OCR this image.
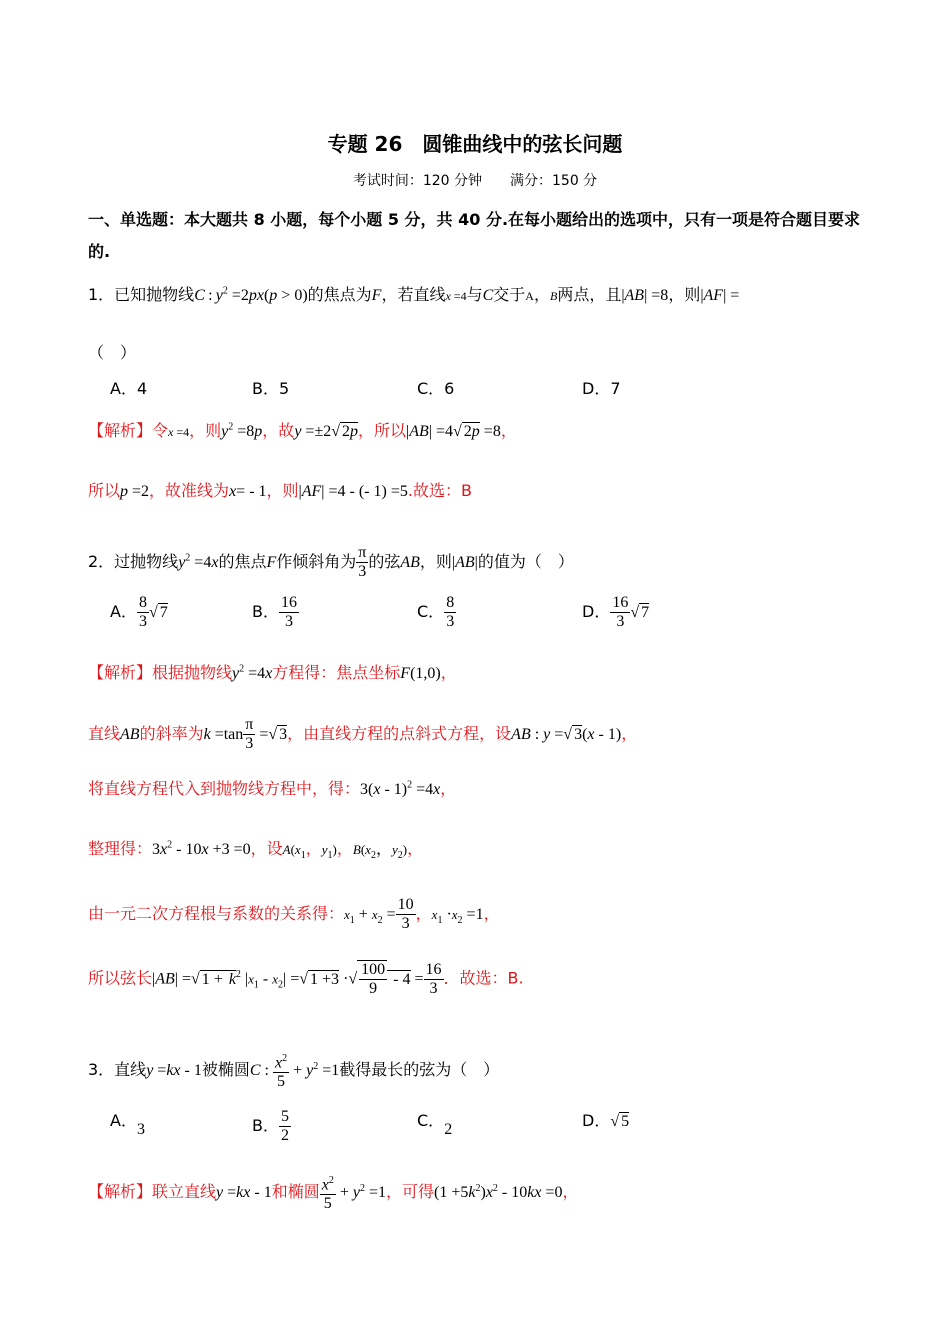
专题 26　圆锥曲线中的弦长问题
考试时间：120 分钟　　满分：150 分
一、单选题：本大题共 8 小题，每个小题 5 分，共 40 分.在每小题给出的选项中，只有一项是符合题目要求的.
1．已知抛物线C : $y^2 =2px(p > 0)$的焦点为F，若直线x =4与C交于A，B两点，且|AB| =8，则|AF| =
（　）
A．4	B．5	C．6	D．7
【解析】令x =4，则$y^2 =8p$，故y =±2√ 2p，所以|AB| =4√ 2p =8，
所以p =2，故准线为x= - 1，则|AF| =4 - (- 1) =5.故选：B
2．过抛物线$y^2 =4x$的焦点F作倾斜角为 $\frac{\pi}{3}$ 的弦AB，则|AB|的值为（　）
A． $\frac{8}{3}$ √ 7	B． $\frac{16}{3}$	C． $\frac{8}{3}$	D． $\frac{16}{3}$ √ 7
【解析】根据抛物线$y^2 =4x$方程得：焦点坐标F(1,0)，
直线AB的斜率为$k =\tan \frac{\pi}{3}$ =√ 3，由直线方程的点斜式方程，设AB : y =√ 3(x - 1)，
将直线方程代入到抛物线方程中，得：3(x - 1)$^2$ =4x，
整理得：$3x^2 - 10x +3 =0$，设$A(x_1$，$y_1$)，$B(x_2$，$y_2$)，
由一元二次方程根与系数的关系得：$x_1 + x_2 = \frac{10}{3}$ ，$x_1 \cdot x_2 =1$，
所以弦长|AB| =√ $1 + k^2$ $|x_1 - x_2|$ =√ 1 +3 ·√ $\frac{100}{9} - 4 = \frac{16}{3}$ ．故选：B.
3．直线y =kx - 1被椭圆C : $\frac{x^2}{5} + y^2 =1$截得最长的弦为（　）
A．3	B． $\frac{5}{2}$	C．2	D．√ 5
【解析】联立直线y =kx - 1和椭圆 $\frac{x^2}{5} + y^2 =1$，可得$(1 +5k^2)x^2 - 10kx =0$，
